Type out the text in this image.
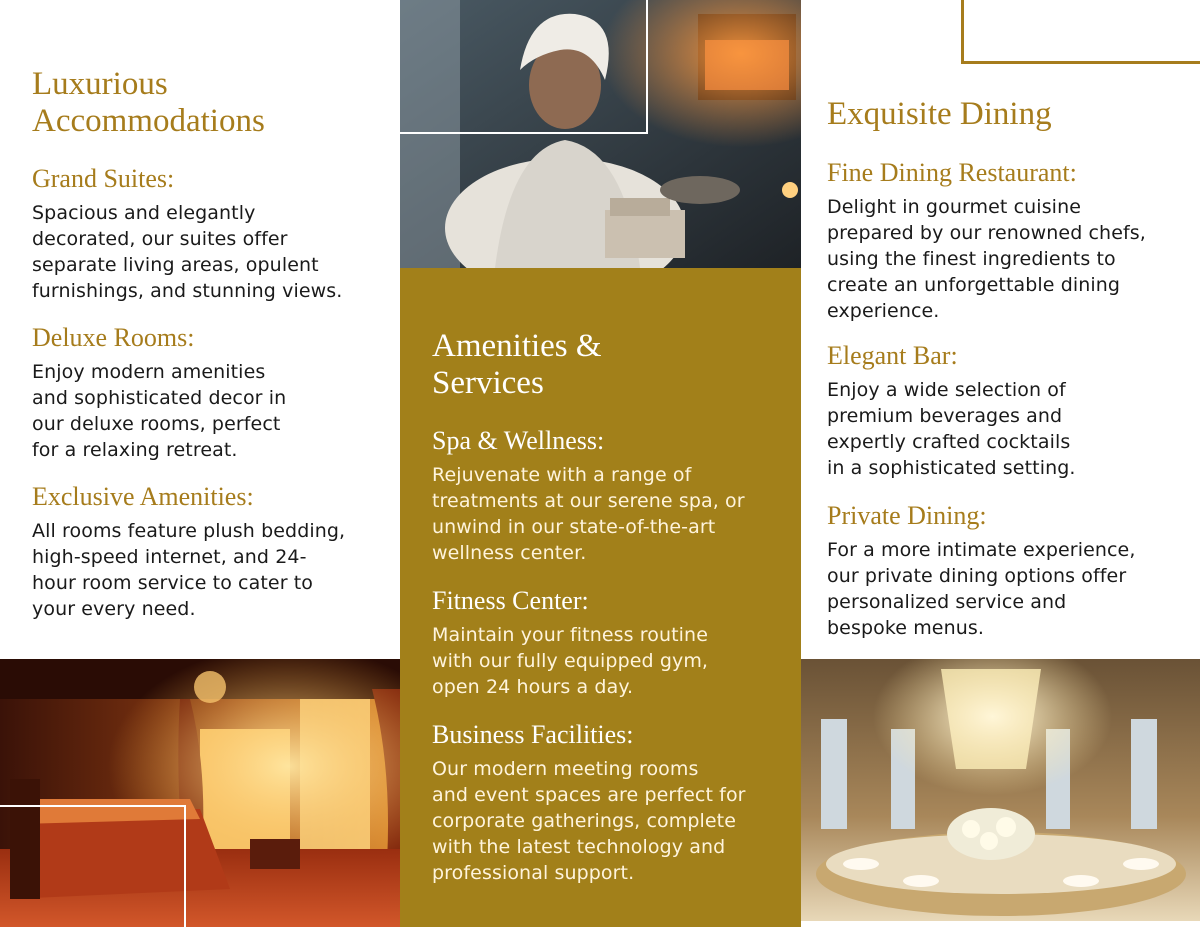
Luxurious
Accommodations
Grand Suites:
Spacious and elegantly
decorated, our suites offer
separate living areas, opulent
furnishings, and stunning views.
Deluxe Rooms:
Enjoy modern amenities
and sophisticated decor in
our deluxe rooms, perfect
for a relaxing retreat.
Exclusive Amenities:
All rooms feature plush bedding,
high-speed internet, and 24-
hour room service to cater to
your every need.
Amenities &
Services
Spa & Wellness:
Rejuvenate with a range of
treatments at our serene spa, or
unwind in our state-of-the-art
wellness center.
Fitness Center:
Maintain your fitness routine
with our fully equipped gym,
open 24 hours a day.
Business Facilities:
Our modern meeting rooms
and event spaces are perfect for
corporate gatherings, complete
with the latest technology and
professional support.
Exquisite Dining
Fine Dining Restaurant:
Delight in gourmet cuisine
prepared by our renowned chefs,
using the finest ingredients to
create an unforgettable dining
experience.
Elegant Bar:
Enjoy a wide selection of
premium beverages and
expertly crafted cocktails
in a sophisticated setting.
Private Dining:
For a more intimate experience,
our private dining options offer
personalized service and
bespoke menus.
